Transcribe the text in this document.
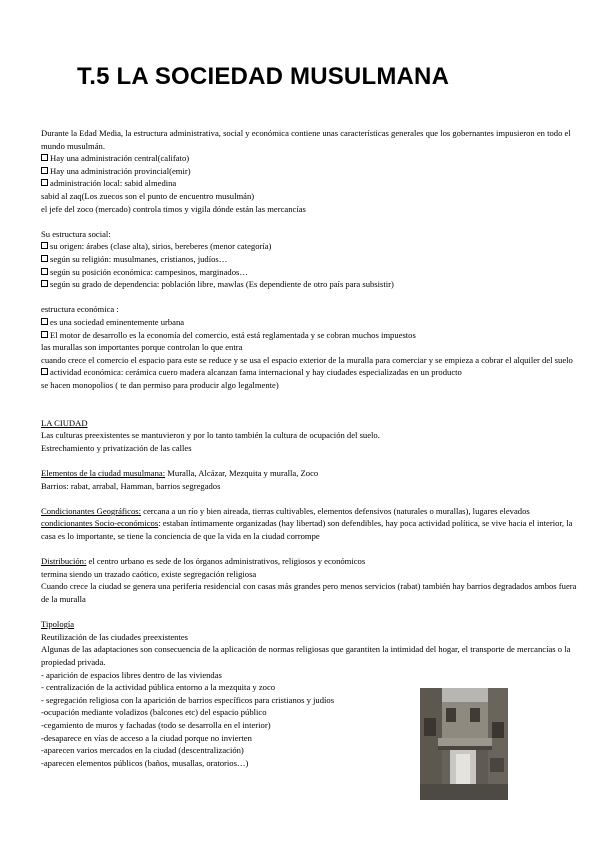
T.5 LA SOCIEDAD MUSULMANA
Durante la Edad Media, la estructura administrativa, social y económica contiene unas características generales que los gobernantes impusieron en todo el mundo musulmán.
Hay una administración central(califato)
Hay una administración provincial(emir)
administración local: sabid almedina
sabid al zaq(Los zuecos son el punto de encuentro musulmán)
el jefe del zoco (mercado) controla timos y vigila dónde están las mercancías
Su estructura social:
su origen: árabes (clase alta), sirios, bereberes (menor categoría)
según su religión: musulmanes, cristianos, judíos…
según su posición económica: campesinos, marginados…
según su grado de dependencia: población libre, mawlas (Es dependiente de otro país para subsistir)
estructura económica :
es una sociedad eminentemente urbana
El motor de desarrollo es la economía del comercio, está está reglamentada y se cobran muchos impuestos
las murallas son importantes porque controlan lo que entra
cuando crece el comercio el espacio para este se reduce y se usa el espacio exterior de la muralla para comerciar y se empieza a cobrar el alquiler del suelo
actividad económica: cerámica cuero madera alcanzan fama internacional y hay ciudades especializadas en un producto
se hacen monopolios ( te dan permiso para producir algo legalmente)
LA CIUDAD
Las culturas preexistentes se mantuvieron y por lo tanto también la cultura de ocupación del suelo.
Estrechamiento y privatización de las calles
Elementos de la ciudad musulmana: Muralla, Alcázar, Mezquita y muralla, Zoco
Barrios: rabat, arrabal, Hamman, barrios segregados
Condicionantes Geográficos: cercana a un río y bien aireada, tierras cultivables, elementos defensivos (naturales o murallas), lugares elevados
condicionantes Socio-económicos: estaban íntimamente organizadas (hay libertad) son defendibles, hay poca actividad política, se vive hacia el interior, la casa es lo importante, se tiene la conciencia de que la vida en la ciudad corrompe
Distribución: el centro urbano es sede de los órganos administrativos, religiosos y económicos
termina siendo un trazado caótico, existe segregación religiosa
Cuando crece la ciudad se genera una periferia residencial con casas más grandes pero menos servicios (rabat) también hay barrios degradados ambos fuera de la muralla
Tipología
Reutilización de las ciudades preexistentes
Algunas de las adaptaciones son consecuencia de la aplicación de normas religiosas que garantiten la intimidad del hogar, el transporte de mercancías o la propiedad privada.
- aparición de espacios libres dentro de las viviendas
- centralización de la actividad pública entorno a la mezquita y zoco
- segregación religiosa con la aparición de barrios específicos para cristianos y judíos
-ocupación mediante voladizos (balcones etc) del espacio público
-cegamiento de muros y fachadas (todo se desarrolla en el interior)
-desaparece en vías de acceso a la ciudad porque no invierten
-aparecen varios mercados en la ciudad (descentralización)
-aparecen elementos públicos (baños, musallas, oratorios…)
